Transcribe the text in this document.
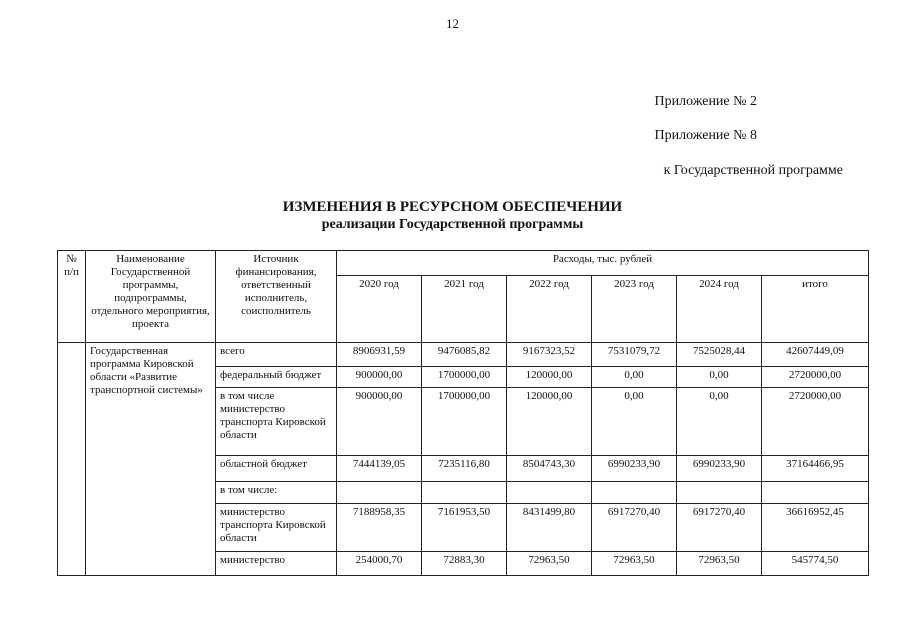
12
Приложение № 2
Приложение № 8
к Государственной программе
ИЗМЕНЕНИЯ В РЕСУРСНОМ ОБЕСПЕЧЕНИИ
реализации Государственной программы
№ п/п	Наименование Государственной программы, подпрограммы, отдельного мероприятия, проекта	Источник финансирования, ответственный исполнитель, соисполнитель	Расходы, тыс. рублей					
			2020 год	2021 год	2022 год	2023 год	2024 год	итого
	Государственная программа Кировской области «Развитие транспортной системы»	всего	8906931,59	9476085,82	9167323,52	7531079,72	7525028,44	42607449,09
		федеральный бюджет	900000,00	1700000,00	120000,00	0,00	0,00	2720000,00
		в том числе министерство транспорта Кировской области	900000,00	1700000,00	120000,00	0,00	0,00	2720000,00
		областной бюджет	7444139,05	7235116,80	8504743,30	6990233,90	6990233,90	37164466,95
		в том числе:						
		министерство транспорта Кировской области	7188958,35	7161953,50	8431499,80	6917270,40	6917270,40	36616952,45
		министерство	254000,70	72883,30	72963,50	72963,50	72963,50	545774,50
